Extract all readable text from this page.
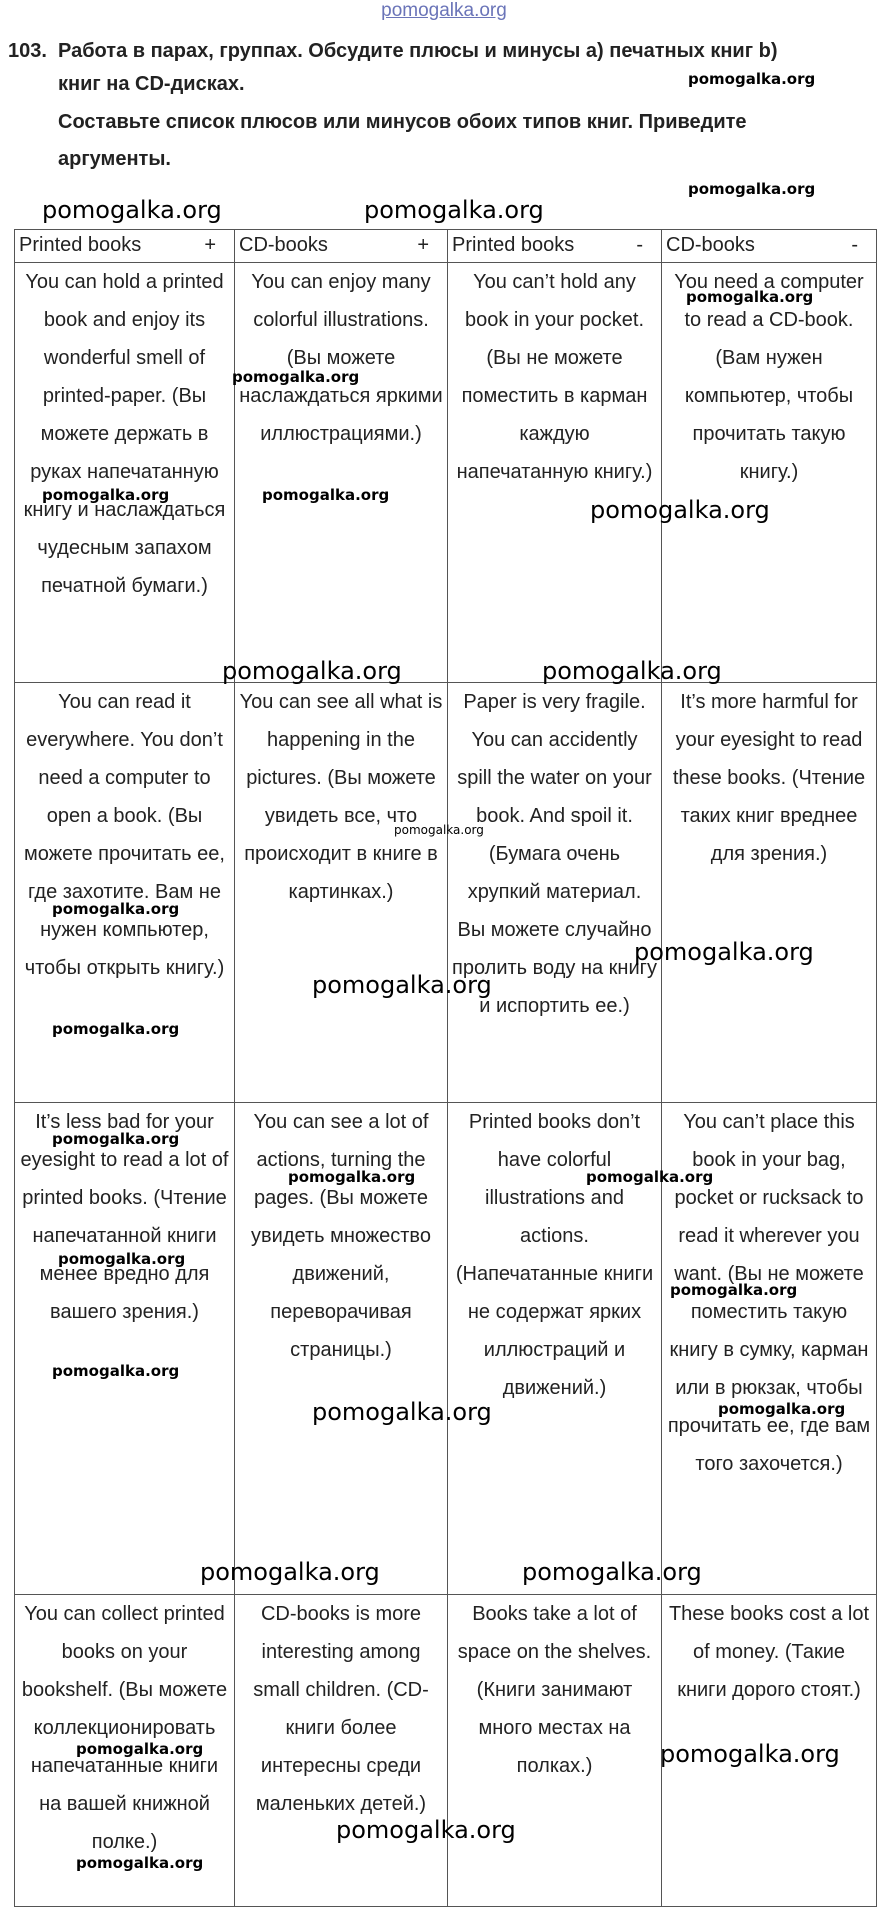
pomogalka.org
103. Работа в парах, группах. Обсудите плюсы и минусы а) печатных книг b)
книг на CD-дисках.
Составьте список плюсов или минусов обоих типов книг. Приведите
аргументы.
Printed books +	CD-books +	Printed books -	CD-books -

You can hold a printed book and enjoy its wonderful smell of printed-paper. (Вы можете держать в руках напечатанную книгу и наслаждаться чудесным запахом печатной бумаги.)	You can enjoy many colorful illustrations. (Вы можете наслаждаться яркими иллюстрациями.)	You can’t hold any book in your pocket. (Вы не можете поместить в карман каждую напечатанную книгу.)	You need a computer to read a CD-book. (Вам нужен компьютер, чтобы прочитать такую книгу.)
You can read it everywhere. You don’t need a computer to open a book. (Вы можете прочитать ее, где захотите. Вам не нужен компьютер, чтобы открыть книгу.)	You can see all what is happening in the pictures. (Вы можете увидеть все, что происходит в книге в картинках.)	Paper is very fragile. You can accidently spill the water on your book. And spoil it. (Бумага очень хрупкий материал. Вы можете случайно пролить воду на книгу и испортить ее.)	It’s more harmful for your eyesight to read these books. (Чтение таких книг вреднее для зрения.)
It’s less bad for your eyesight to read a lot of printed books. (Чтение напечатанной книги менее вредно для вашего зрения.)	You can see a lot of actions, turning the pages. (Вы можете увидеть множество движений, переворачивая страницы.)	Printed books don’t have colorful illustrations and actions. (Напечатанные книги не содержат ярких иллюстраций и движений.)	You can’t place this book in your bag, pocket or rucksack to read it wherever you want. (Вы не можете поместить такую книгу в сумку, карман или в рюкзак, чтобы прочитать ее, где вам того захочется.)
You can collect printed books on your bookshelf. (Вы можете коллекционировать напечатанные книги на вашей книжной полке.)	CD-books is more interesting among small children. (CD-книги более интересны среди маленьких детей.)	Books take a lot of space on the shelves. (Книги занимают много местах на полках.)	These books cost a lot of money. (Такие книги дорого стоят.)
pomogalka.org
pomogalka.org	pomogalka.org
pomogalka.org
pomogalka.org
pomogalka.org
pomogalka.org	pomogalka.org
pomogalka.org
pomogalka.org	pomogalka.org
pomogalka.org
pomogalka.org
pomogalka.org
pomogalka.org
pomogalka.org
pomogalka.org
pomogalka.org	pomogalka.org
pomogalka.org
pomogalka.org
pomogalka.org
pomogalka.org	pomogalka.org
pomogalka.org	pomogalka.org
pomogalka.org
pomogalka.org
pomogalka.org
pomogalka.org
